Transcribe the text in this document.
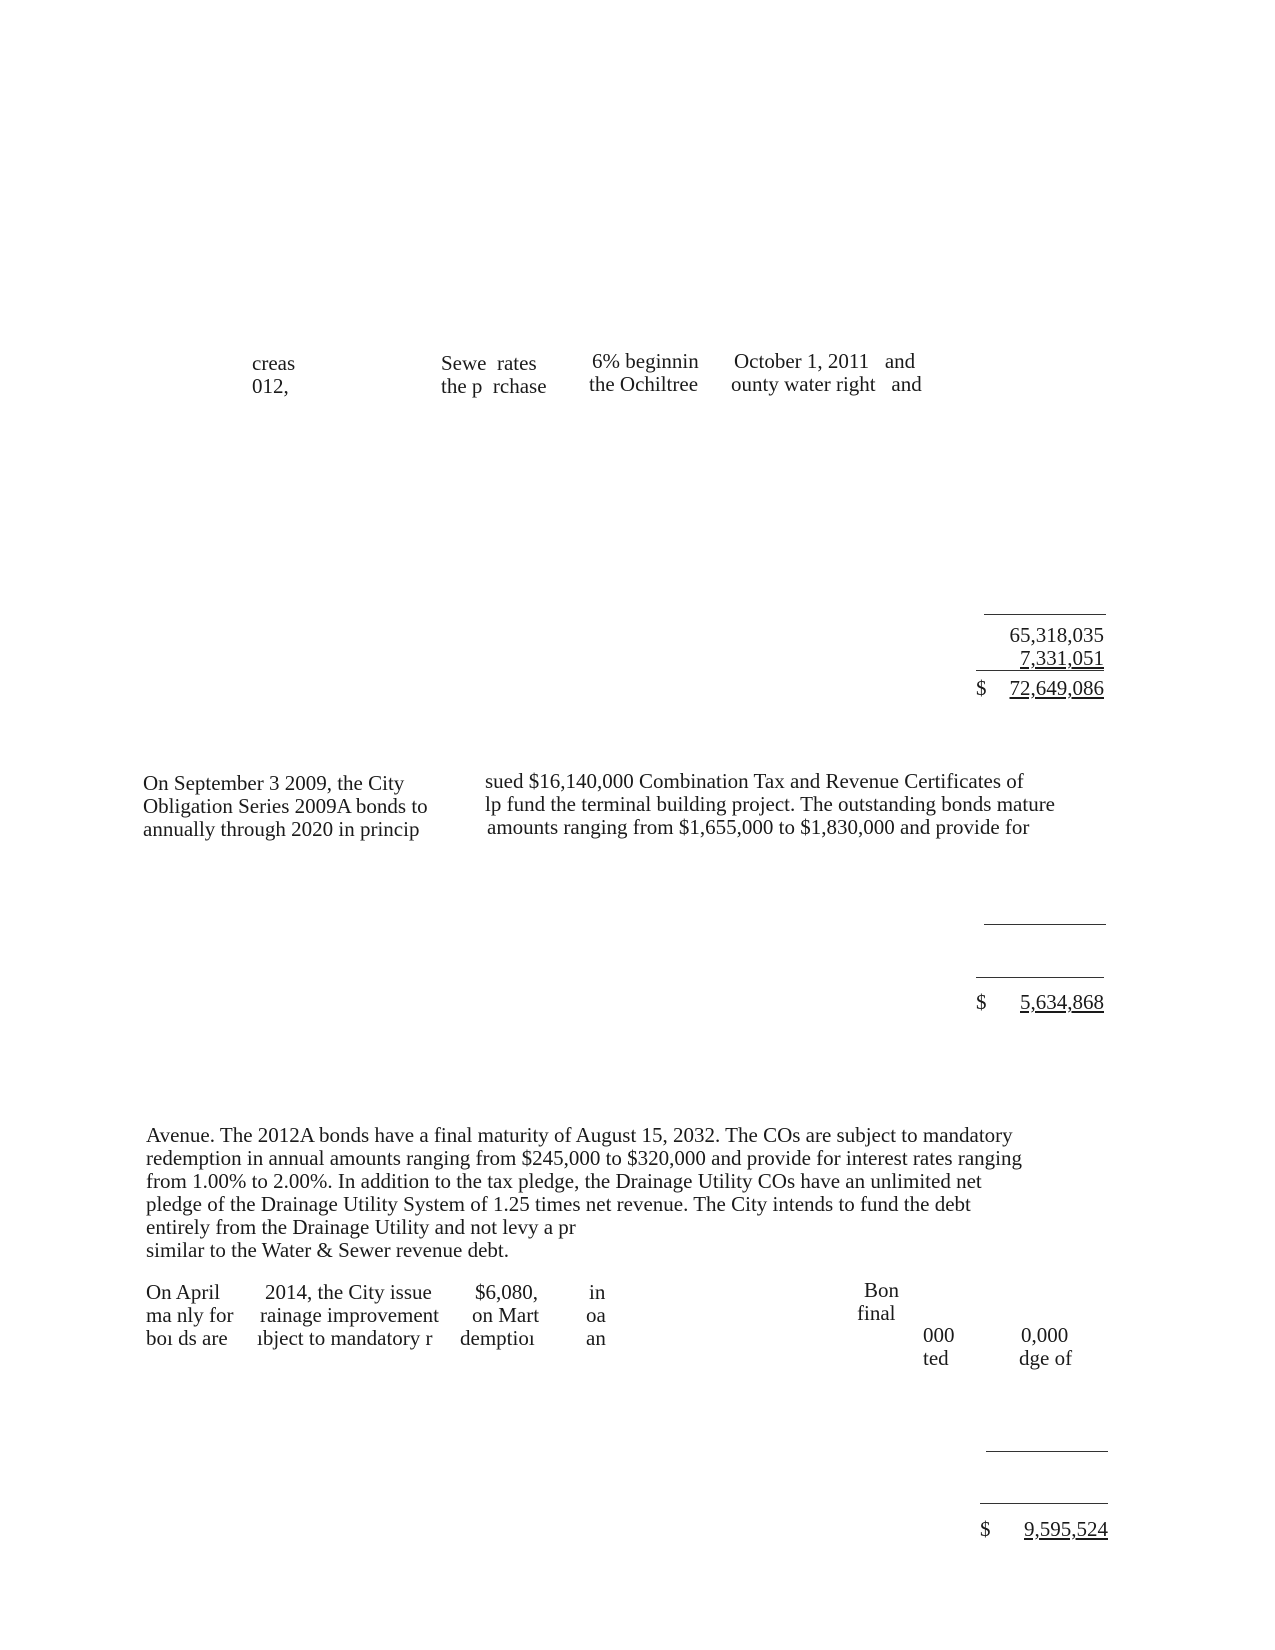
creas
012,
Sewe  rates
the p  rchase
6% beginnin
the Ochiltree
October 1, 2011   and
ounty water right   and
65,318,035
7,331,051
$ 72,649,086
On September 3 2009, the City
Obligation Series 2009A bonds to
annually through 2020 in princip
sued $16,140,000 Combination Tax and Revenue Certificates of
lp fund the terminal building project. The outstanding bonds mature
amounts ranging from $1,655,000 to $1,830,000 and provide for
$ 5,634,868
Avenue. The 2012A bonds have a final maturity of August 15, 2032. The COs are subject to mandatory
redemption in annual amounts ranging from $245,000 to $320,000 and provide for interest rates ranging
from 1.00% to 2.00%. In addition to the tax pledge, the Drainage Utility COs have an unlimited net
pledge of the Drainage Utility System of 1.25 times net revenue. The City intends to fund the debt
entirely from the Drainage Utility and not levy a pr
similar to the Water & Sewer revenue debt.
On April
ma nly for
boı ds are
2014, the City issue
rainage improvement
ıbject to mandatory r
$6,080,
on Mart
demptioı
in
oa
an
Bon
final
000
ted
0,000
dge of
$ 9,595,524
